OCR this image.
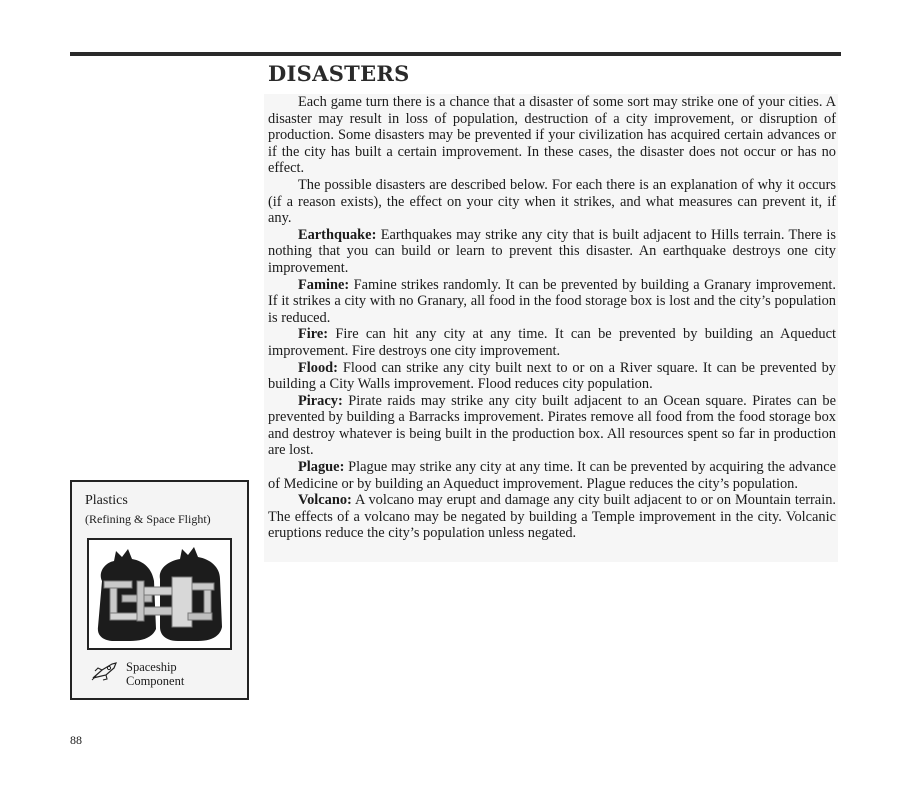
DISASTERS

Each game turn there is a chance that a disaster of some sort may strike one of your cities. A disaster may result in loss of population, destruction of a city improvement, or disruption of production. Some disasters may be prevented if your civilization has acquired certain advances or if the city has built a certain improvement. In these cases, the disaster does not occur or has no effect.

The possible disasters are described below. For each there is an explanation of why it occurs (if a reason exists), the effect on your city when it strikes, and what measures can prevent it, if any.

Earthquake: Earthquakes may strike any city that is built adjacent to Hills terrain. There is nothing that you can build or learn to prevent this disaster. An earthquake destroys one city improvement.

Famine: Famine strikes randomly. It can be prevented by building a Granary improvement. If it strikes a city with no Granary, all food in the food storage box is lost and the city’s population is reduced.

Fire: Fire can hit any city at any time. It can be prevented by building an Aqueduct improvement. Fire destroys one city improvement.

Flood: Flood can strike any city built next to or on a River square. It can be prevented by building a City Walls improvement. Flood reduces city population.

Piracy: Pirate raids may strike any city built adjacent to an Ocean square. Pirates can be prevented by building a Barracks improvement. Pirates remove all food from the food storage box and destroy whatever is being built in the production box. All resources spent so far in production are lost.

Plague: Plague may strike any city at any time. It can be prevented by acquiring the advance of Medicine or by building an Aqueduct improvement. Plague reduces the city’s population.

Volcano: A volcano may erupt and damage any city built adjacent to or on Mountain terrain. The effects of a volcano may be negated by building a Temple improvement in the city. Volcanic eruptions reduce the city’s population unless negated.

Plastics
(Refining & Space Flight)
Spaceship
Component
88
